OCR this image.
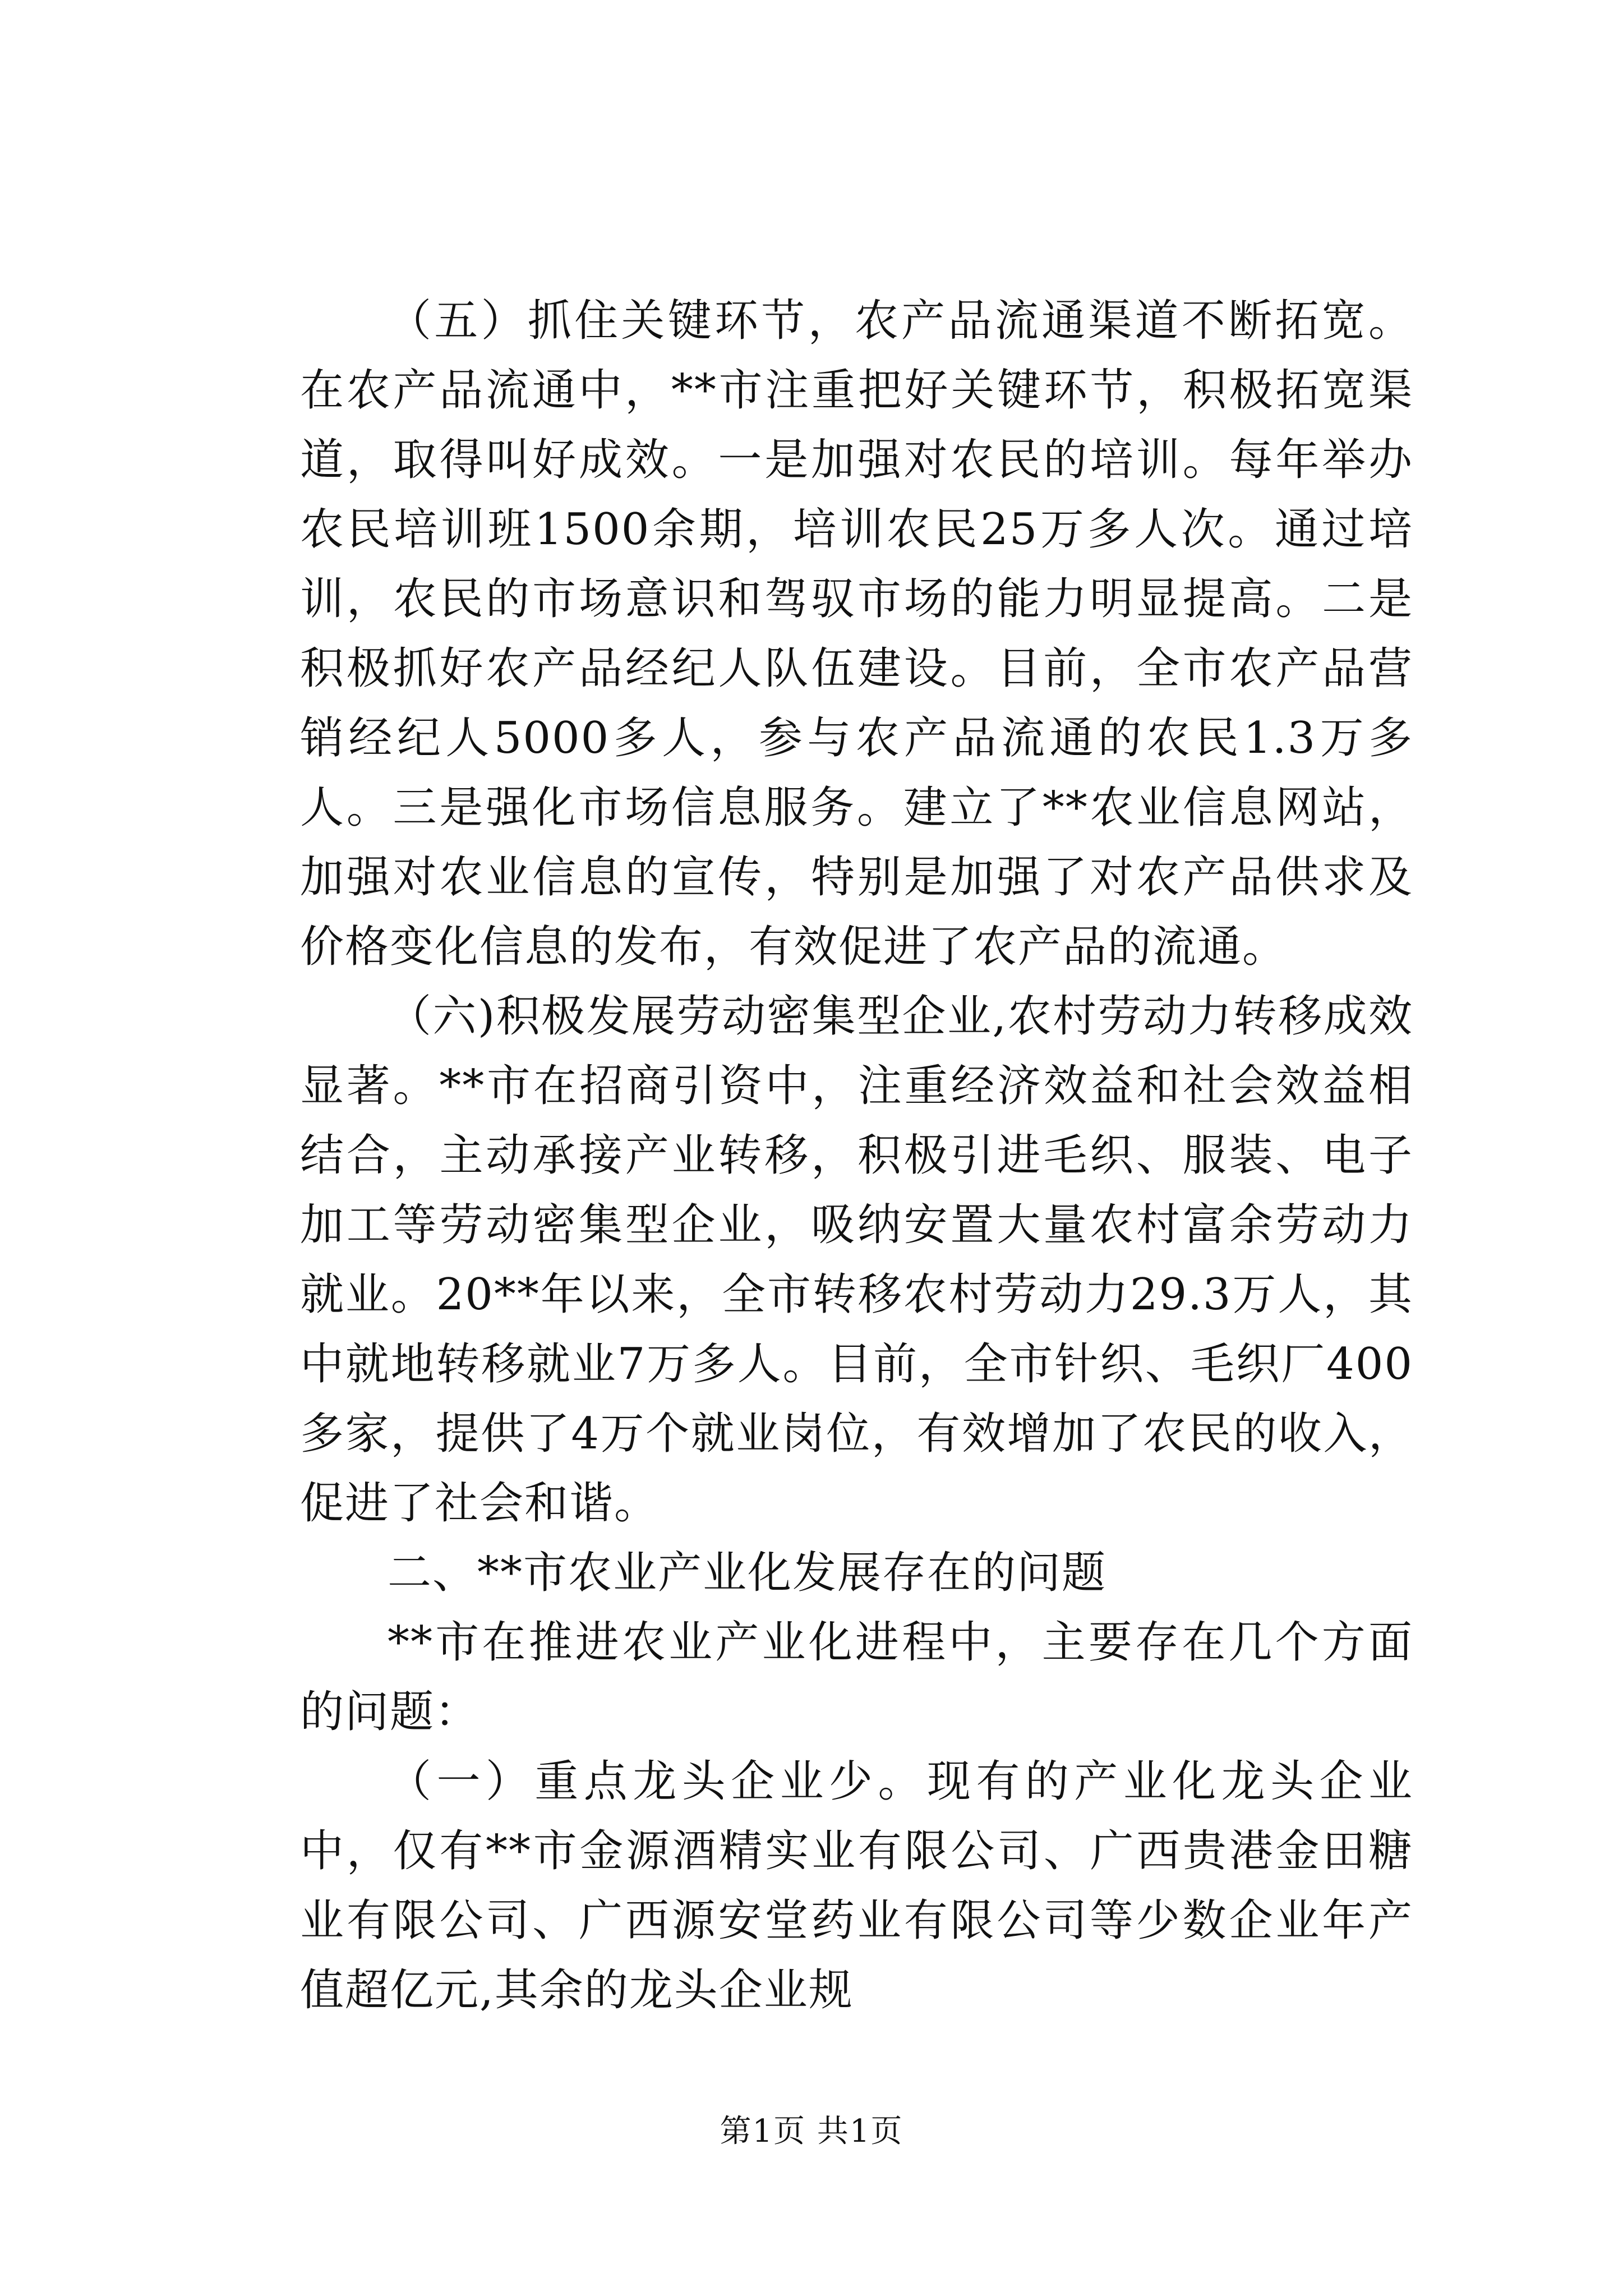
（五）抓住关键环节，农产品流通渠道不断拓宽。在农产品流通中，**市注重把好关键环节，积极拓宽渠道，取得叫好成效。一是加强对农民的培训。每年举办农民培训班1500余期，培训农民25万多人次。通过培训，农民的市场意识和驾驭市场的能力明显提高。二是积极抓好农产品经纪人队伍建设。目前，全市农产品营销经纪人5000多人，参与农产品流通的农民1.3万多人。三是强化市场信息服务。建立了**农业信息网站，加强对农业信息的宣传，特别是加强了对农产品供求及价格变化信息的发布，有效促进了农产品的流通。

（六)积极发展劳动密集型企业,农村劳动力转移成效显著。**市在招商引资中，注重经济效益和社会效益相结合，主动承接产业转移，积极引进毛织、服装、电子加工等劳动密集型企业，吸纳安置大量农村富余劳动力就业。20**年以来，全市转移农村劳动力29.3万人，其中就地转移就业7万多人。目前，全市针织、毛织厂400多家，提供了4万个就业岗位，有效增加了农民的收入，促进了社会和谐。

二、**市农业产业化发展存在的问题

**市在推进农业产业化进程中，主要存在几个方面的问题：

（一）重点龙头企业少。现有的产业化龙头企业中，仅有**市金源酒精实业有限公司、广西贵港金田糖业有限公司、广西源安堂药业有限公司等少数企业年产值超亿元,其余的龙头企业规

第1页 共1页
